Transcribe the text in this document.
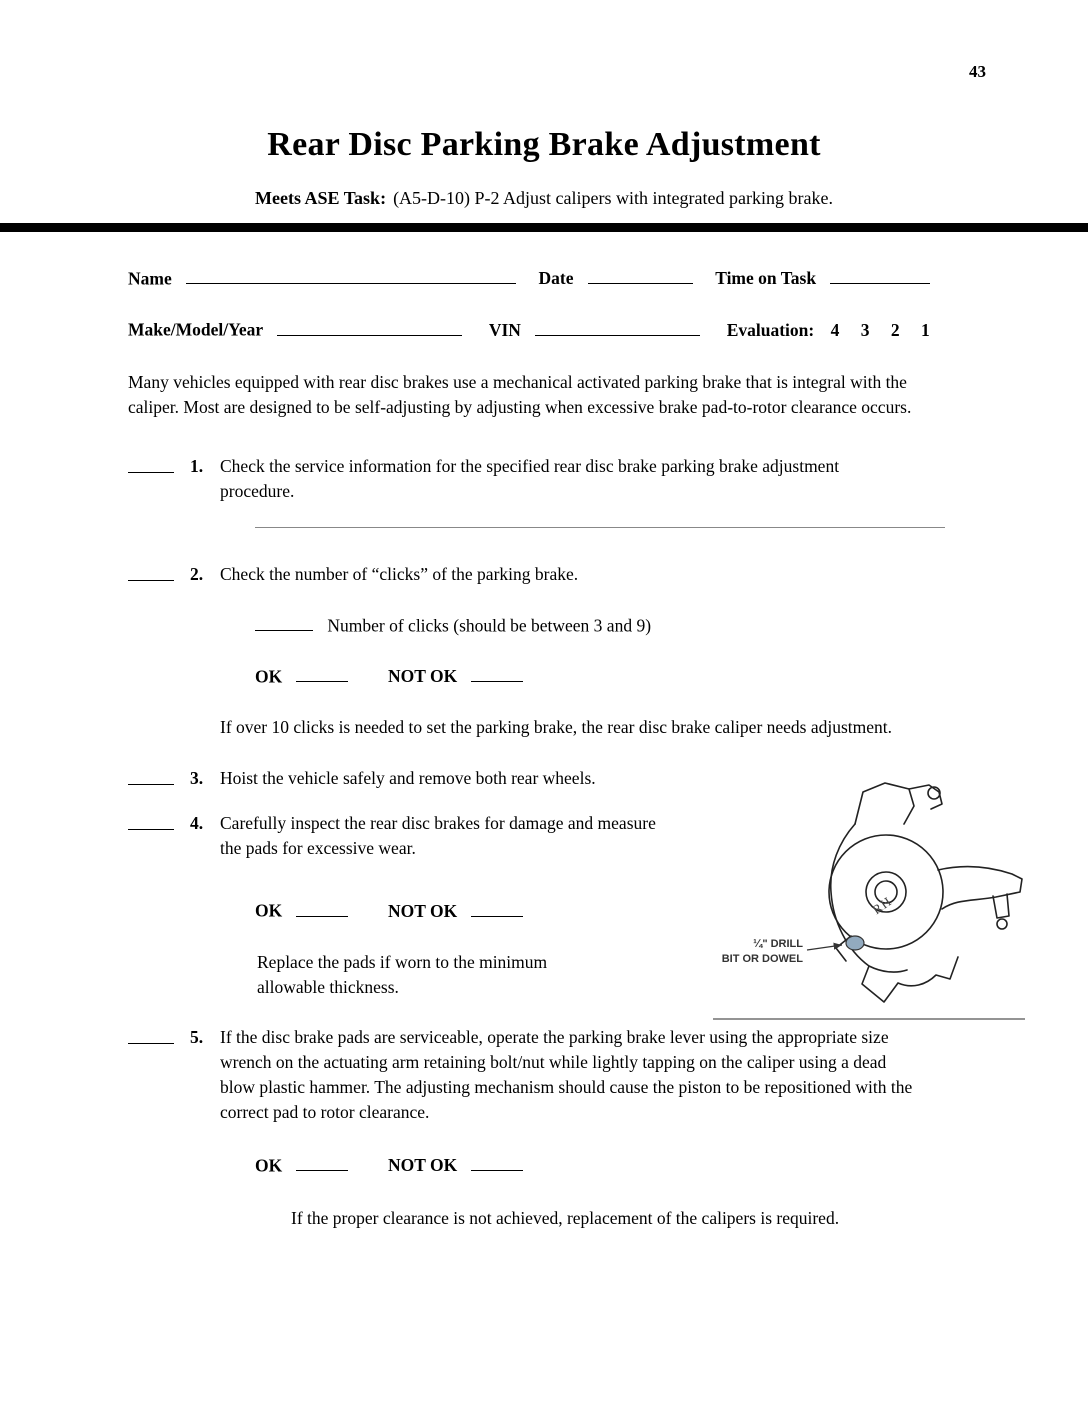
43
Rear Disc Parking Brake Adjustment
Meets ASE Task: (A5-D-10) P-2 Adjust calipers with integrated parking brake.
Name	Date	Time on Task
Make/Model/Year	VIN	Evaluation: 4 3 2 1

Many vehicles equipped with rear disc brakes use a mechanical activated parking brake that is integral with the caliper. Most are designed to be self-adjusting by adjusting when excessive brake pad-to-rotor clearance occurs.

1. Check the service information for the specified rear disc brake parking brake adjustment procedure.
2. Check the number of “clicks” of the parking brake.
Number of clicks (should be between 3 and 9)
OK	NOT OK

If over 10 clicks is needed to set the parking brake, the rear disc brake caliper needs adjustment.

3. Hoist the vehicle safely and remove both rear wheels.
4. Carefully inspect the rear disc brakes for damage and measure the pads for excessive wear.
OK	NOT OK

Replace the pads if worn to the minimum allowable thickness.

5. If the disc brake pads are serviceable, operate the parking brake lever using the appropriate size wrench on the actuating arm retaining bolt/nut while lightly tapping on the caliper using a dead blow plastic hammer. The adjusting mechanism should cause the piston to be repositioned with the correct pad to rotor clearance.
OK	NOT OK

If the proper clearance is not achieved, replacement of the calipers is required.

RH
¼" DRILL
BIT OR DOWEL
